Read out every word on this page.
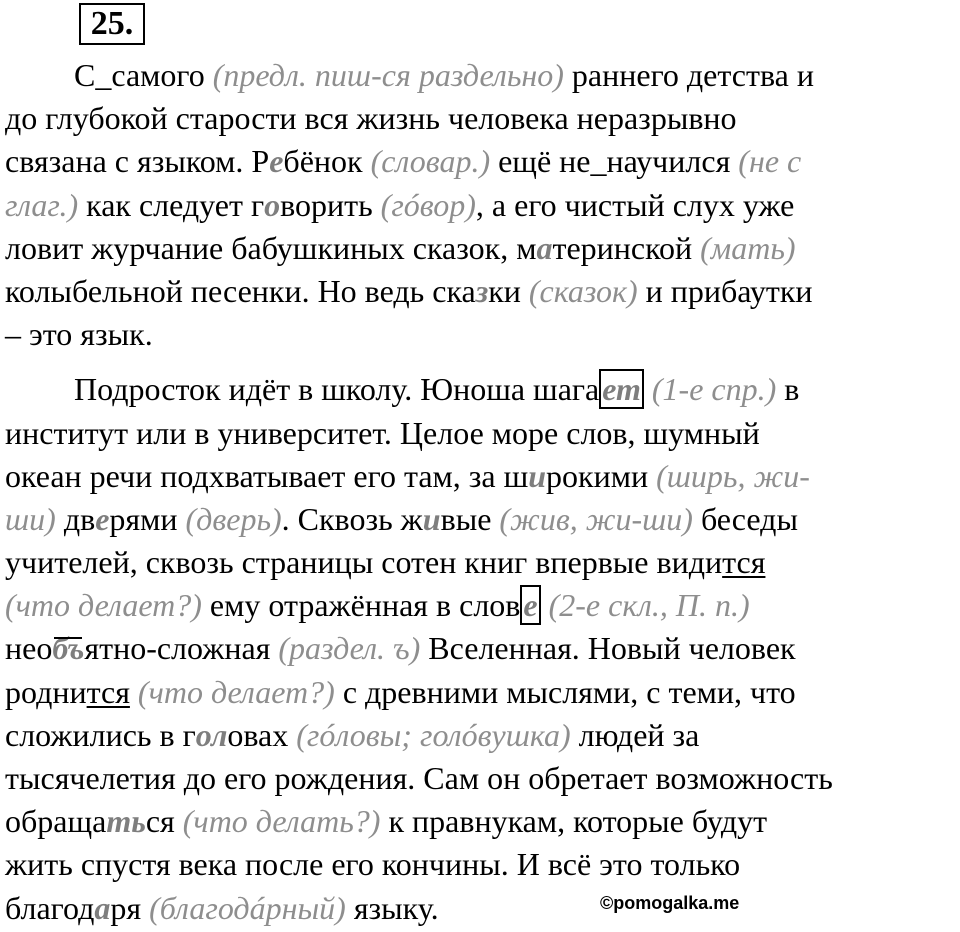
25.
С_самого (предл. пиш-ся раздельно) раннего детства и
до глубокой старости вся жизнь человека неразрывно
связана с языком. Ребёнок (словар.) ещё не_научился (не с
глаг.) как следует говорить (гóвор), а его чистый слух уже
ловит журчание бабушкиных сказок, материнской (мать)
колыбельной песенки. Но ведь сказки (сказок) и прибаутки
– это язык.
Подросток идёт в школу. Юноша шагает (1-е спр.) в
институт или в университет. Целое море слов, шумный
океан речи подхватывает его там, за широкими (ширь, жи-
ши) дверями (дверь). Сквозь живые (жив, жи-ши) беседы
учителей, сквозь страницы сотен книг впервые видится
(что делает?) ему отражённая в слове (2-е скл., П. п.)
необъятно-сложная (раздел. ъ) Вселенная. Новый человек
роднится (что делает?) с древними мыслями, с теми, что
сложились в головах (гóловы; голóвушка) людей за
тысячелетия до его рождения. Сам он обретает возможность
обращаться (что делать?) к правнукам, которые будут
жить спустя века после его кончины. И всё это только
благодаря (благодáрный) языку.	©pomogalka.me
